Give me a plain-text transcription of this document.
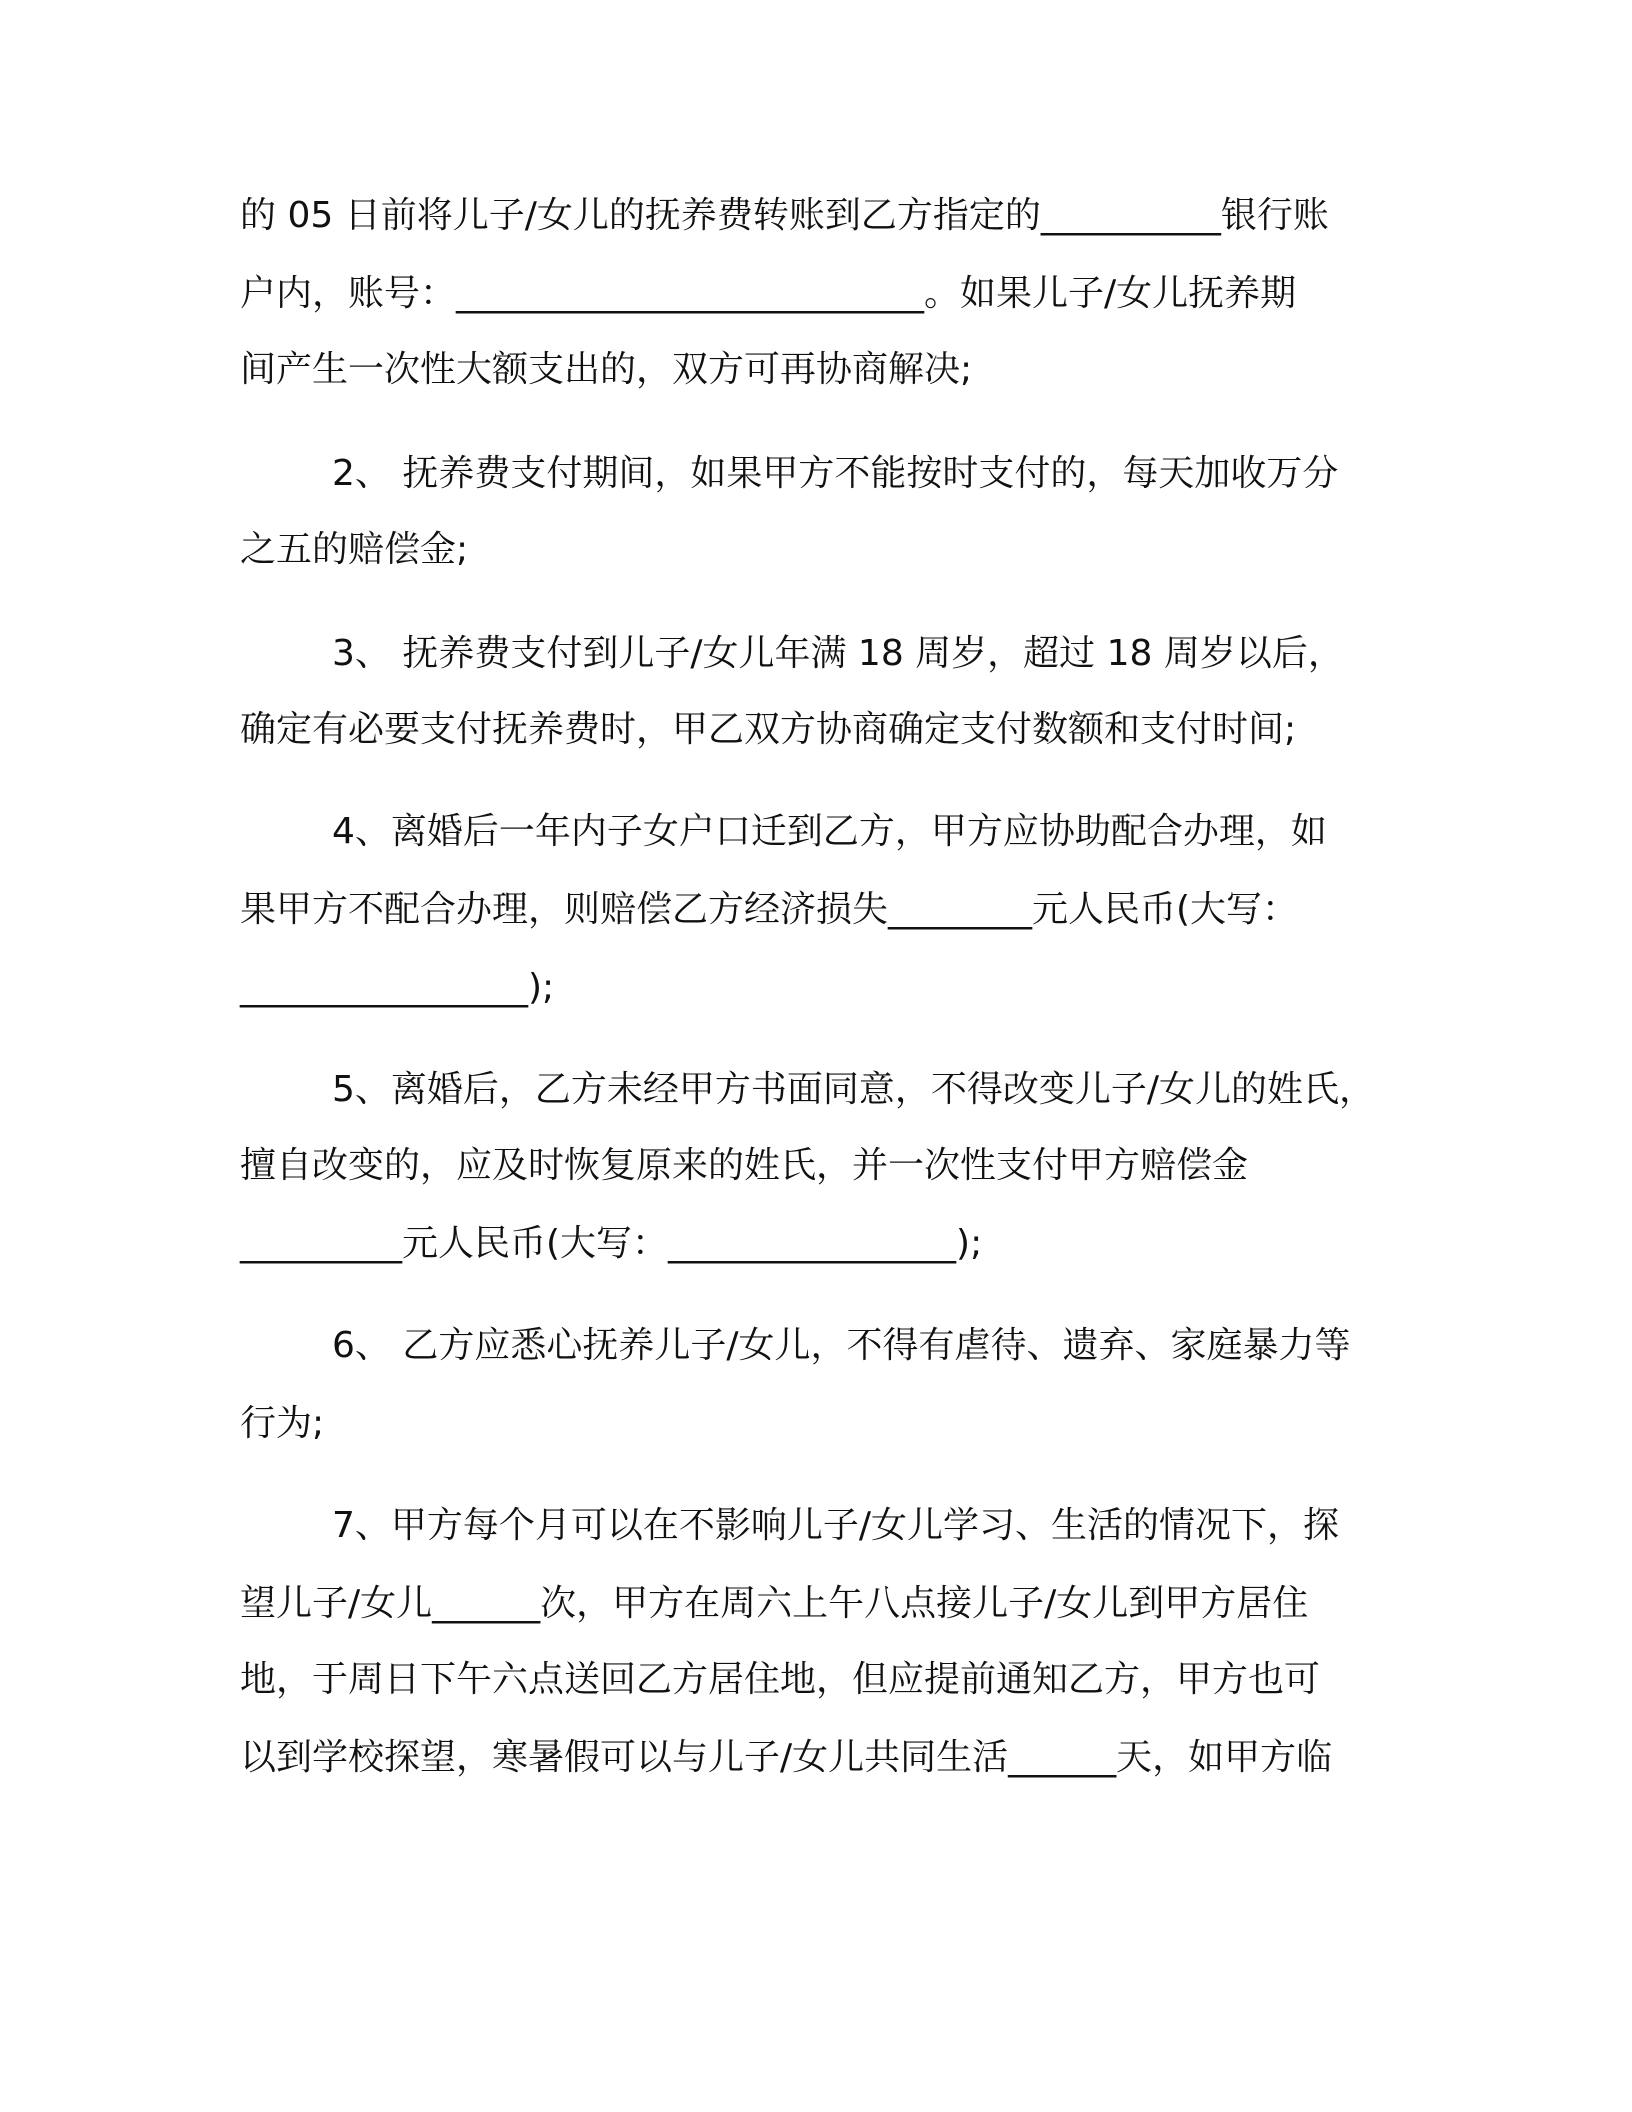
的 05 日前将儿子/女儿的抚养费转账到乙方指定的__________银行账
户内，账号：__________________________。如果儿子/女儿抚养期
间产生一次性大额支出的，双方可再协商解决;
2、 抚养费支付期间，如果甲方不能按时支付的，每天加收万分
之五的赔偿金;
3、 抚养费支付到儿子/女儿年满 18 周岁，超过 18 周岁以后，
确定有必要支付抚养费时，甲乙双方协商确定支付数额和支付时间;
4、离婚后一年内子女户口迁到乙方，甲方应协助配合办理，如
果甲方不配合办理，则赔偿乙方经济损失________元人民币(大写：
________________);
5、离婚后，乙方未经甲方书面同意，不得改变儿子/女儿的姓氏，
擅自改变的，应及时恢复原来的姓氏，并一次性支付甲方赔偿金
_________元人民币(大写：________________);
6、 乙方应悉心抚养儿子/女儿，不得有虐待、遗弃、家庭暴力等
行为;
7、甲方每个月可以在不影响儿子/女儿学习、生活的情况下，探
望儿子/女儿______次，甲方在周六上午八点接儿子/女儿到甲方居住
地，于周日下午六点送回乙方居住地，但应提前通知乙方，甲方也可
以到学校探望，寒暑假可以与儿子/女儿共同生活______天，如甲方临
